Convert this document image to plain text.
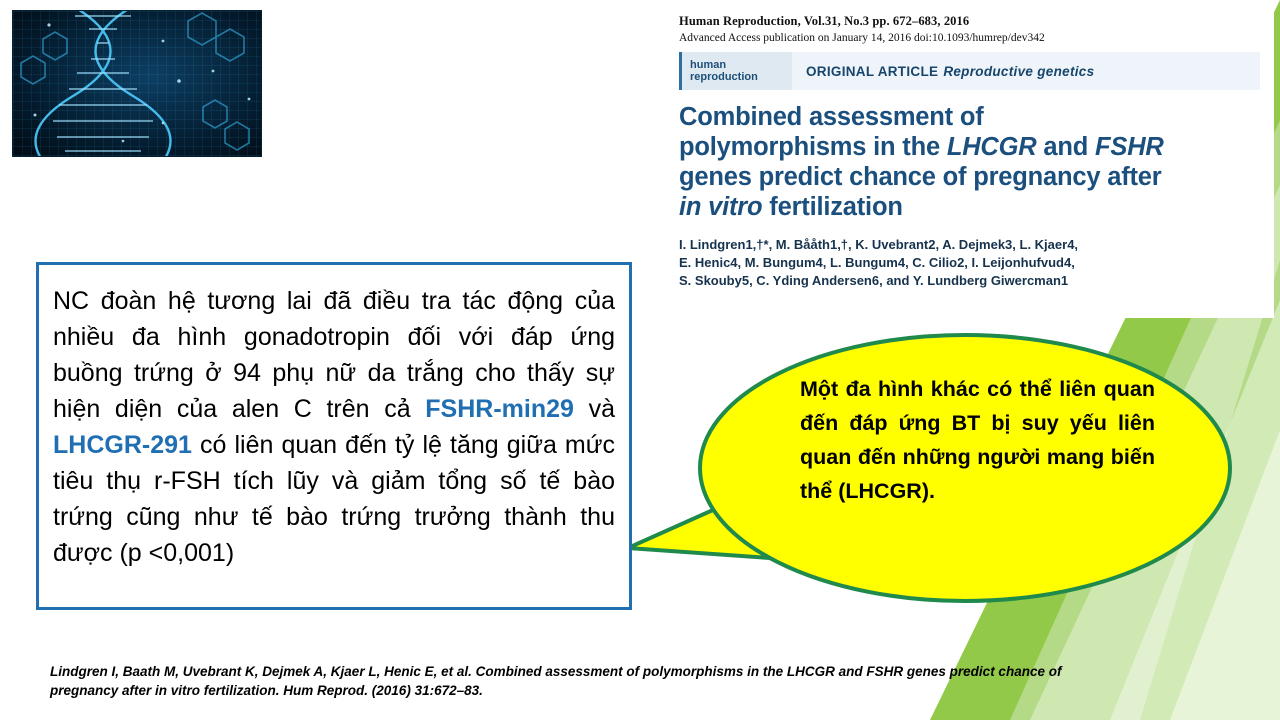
Human Reproduction, Vol.31, No.3 pp. 672–683, 2016
Advanced Access publication on January 14, 2016 doi:10.1093/humrep/dev342
human
reproduction	ORIGINAL ARTICLE Reproductive genetics
Combined assessment of
polymorphisms in the LHCGR and FSHR
genes predict chance of pregnancy after
in vitro fertilization
I. Lindgren1,†*, M. Bååth1,†, K. Uvebrant2, A. Dejmek3, L. Kjaer4,
E. Henic4, M. Bungum4, L. Bungum4, C. Cilio2, I. Leijonhufvud4,
S. Skouby5, C. Yding Andersen6, and Y. Lundberg Giwercman1
Một đa hình khác có thể liên quan đến đáp ứng BT bị suy yếu liên quan đến những người mang biến thể (LHCGR).

NC đoàn hệ tương lai đã điều tra tác động của nhiều đa hình gonadotropin đối với đáp ứng buồng trứng ở 94 phụ nữ da trắng cho thấy sự hiện diện của alen C trên cả FSHR-min29 và LHCGR-291 có liên quan đến tỷ lệ tăng giữa mức tiêu thụ r-FSH tích lũy và giảm tổng số tế bào trứng cũng như tế bào trứng trưởng thành thu được (p <0,001)

Lindgren I, Baath M, Uvebrant K, Dejmek A, Kjaer L, Henic E, et al. Combined assessment of polymorphisms in the LHCGR and FSHR genes predict chance of
pregnancy after in vitro fertilization. Hum Reprod. (2016) 31:672–83.
